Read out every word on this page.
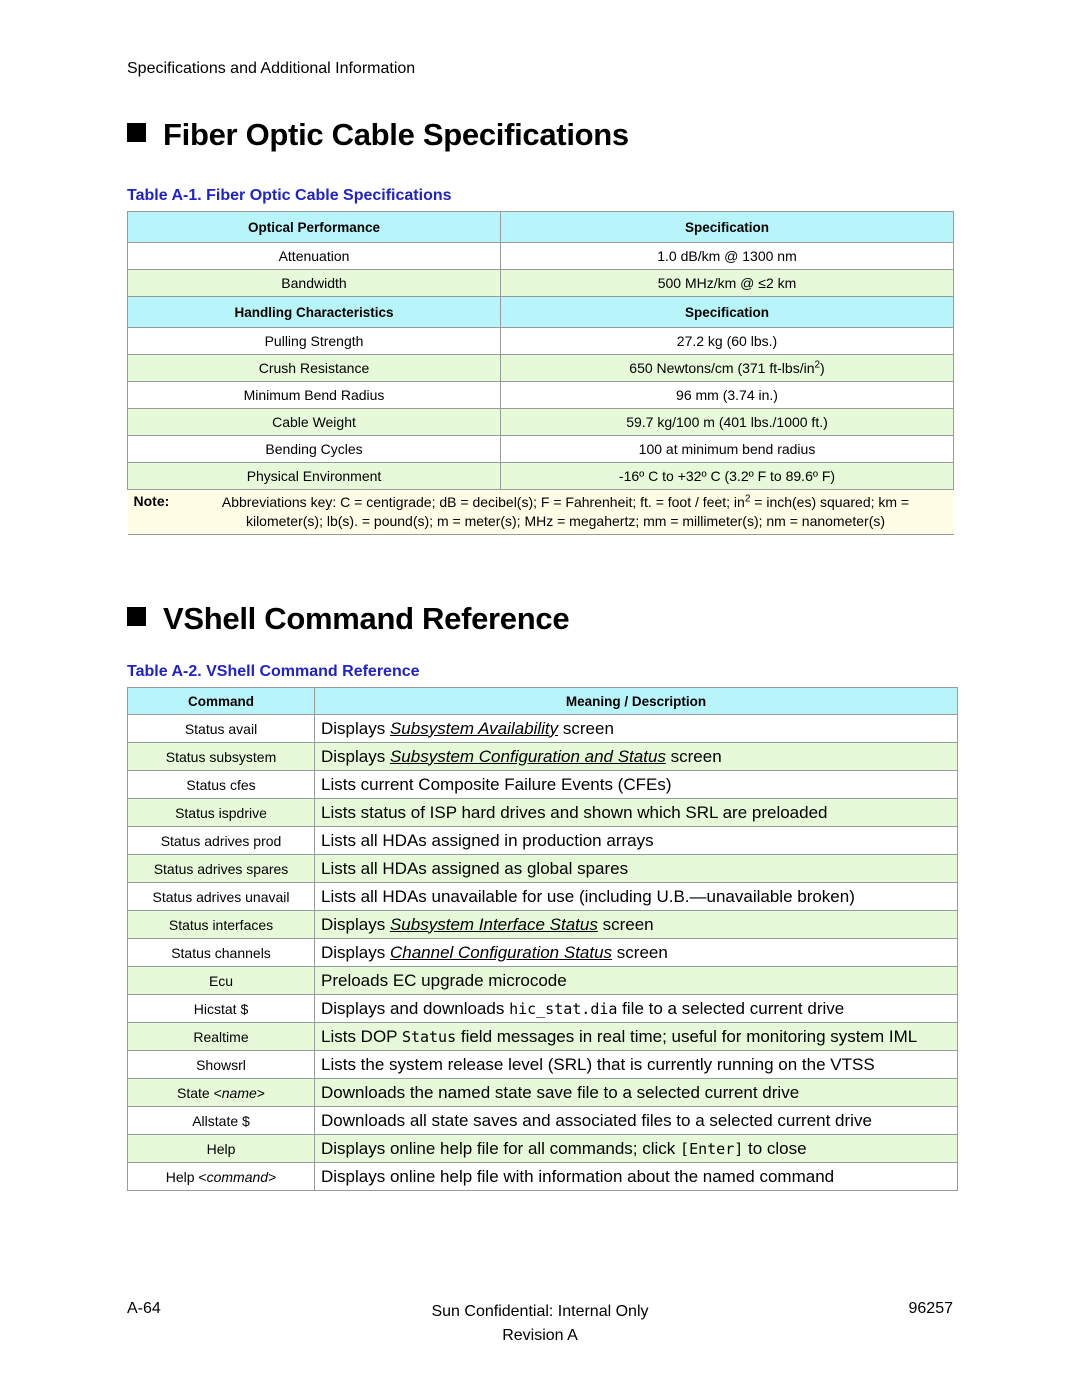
Specifications and Additional Information
Fiber Optic Cable Specifications
Table A-1. Fiber Optic Cable Specifications
Optical Performance	Specification
Attenuation	1.0 dB/km @ 1300 nm
Bandwidth	500 MHz/km @ ≤2 km
Handling Characteristics	Specification
Pulling Strength	27.2 kg (60 lbs.)
Crush Resistance	650 Newtons/cm (371 $ft-lbs/in^2$)
Minimum Bend Radius	96 mm (3.74 in.)
Cable Weight	59.7 kg/100 m (401 lbs./1000 ft.)
Bending Cycles	100 at minimum bend radius
Physical Environment	-16º C to +32º C (3.2º F to 89.6º F)
Note: Abbreviations key: C = centigrade; dB = decibel(s); F = Fahrenheit; ft. = foot / feet; $in^2$ = inch(es) squared; km = kilometer(s); lb(s). = pound(s); m = meter(s); MHz = megahertz; mm = millimeter(s); nm = nanometer(s)	
VShell Command Reference
Table A-2. VShell Command Reference
Command	Meaning / Description
Status avail	Displays Subsystem Availability screen
Status subsystem	Displays Subsystem Configuration and Status screen
Status cfes	Lists current Composite Failure Events (CFEs)
Status ispdrive	Lists status of ISP hard drives and shown which SRL are preloaded
Status adrives prod	Lists all HDAs assigned in production arrays
Status adrives spares	Lists all HDAs assigned as global spares
Status adrives unavail	Lists all HDAs unavailable for use (including U.B.—unavailable broken)
Status interfaces	Displays Subsystem Interface Status screen
Status channels	Displays Channel Configuration Status screen
Ecu	Preloads EC upgrade microcode
Hicstat $	Displays and downloads hic_stat.dia file to a selected current drive
Realtime	Lists DOP Status field messages in real time; useful for monitoring system IML
Showsrl	Lists the system release level (SRL) that is currently running on the VTSS
State <name>	Downloads the named state save file to a selected current drive
Allstate $	Downloads all state saves and associated files to a selected current drive
Help	Displays online help file for all commands; click [Enter] to close
Help <command>	Displays online help file with information about the named command
A-64	Sun Confidential: Internal Only
Revision A
96257
